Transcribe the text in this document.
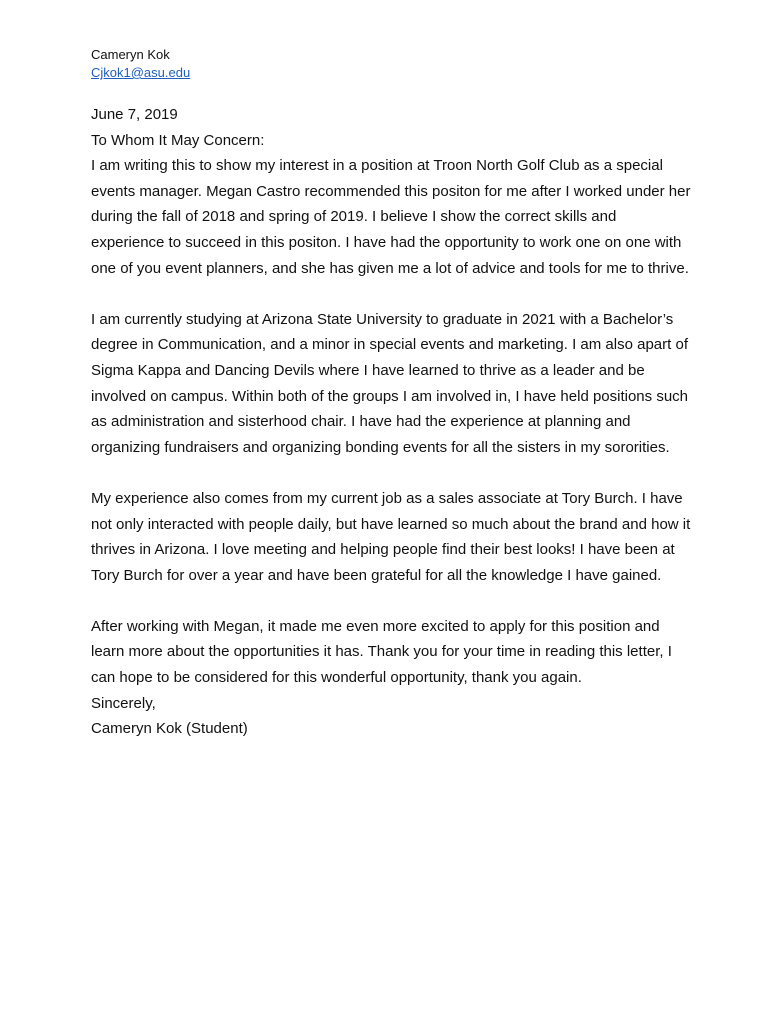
Cameryn Kok
Cjkok1@asu.edu
June 7, 2019

To Whom It May Concern:

I am writing this to show my interest in a position at Troon North Golf Club as a special events manager. Megan Castro recommended this positon for me after I worked under her during the fall of 2018 and spring of 2019. I believe I show the correct skills and experience to succeed in this positon. I have had the opportunity to work one on one with one of you event planners, and she has given me a lot of advice and tools for me to thrive.

I am currently studying at Arizona State University to graduate in 2021 with a Bachelor’s degree in Communication, and a minor in special events and marketing. I am also apart of Sigma Kappa and Dancing Devils where I have learned to thrive as a leader and be involved on campus. Within both of the groups I am involved in, I have held positions such as administration and sisterhood chair. I have had the experience at planning and organizing fundraisers and organizing bonding events for all the sisters in my sororities.

My experience also comes from my current job as a sales associate at Tory Burch. I have not only interacted with people daily, but have learned so much about the brand and how it thrives in Arizona. I love meeting and helping people find their best looks! I have been at Tory Burch for over a year and have been grateful for all the knowledge I have gained.

After working with Megan, it made me even more excited to apply for this position and learn more about the opportunities it has. Thank you for your time in reading this letter, I can hope to be considered for this wonderful opportunity, thank you again.

Sincerely,

Cameryn Kok (Student)
